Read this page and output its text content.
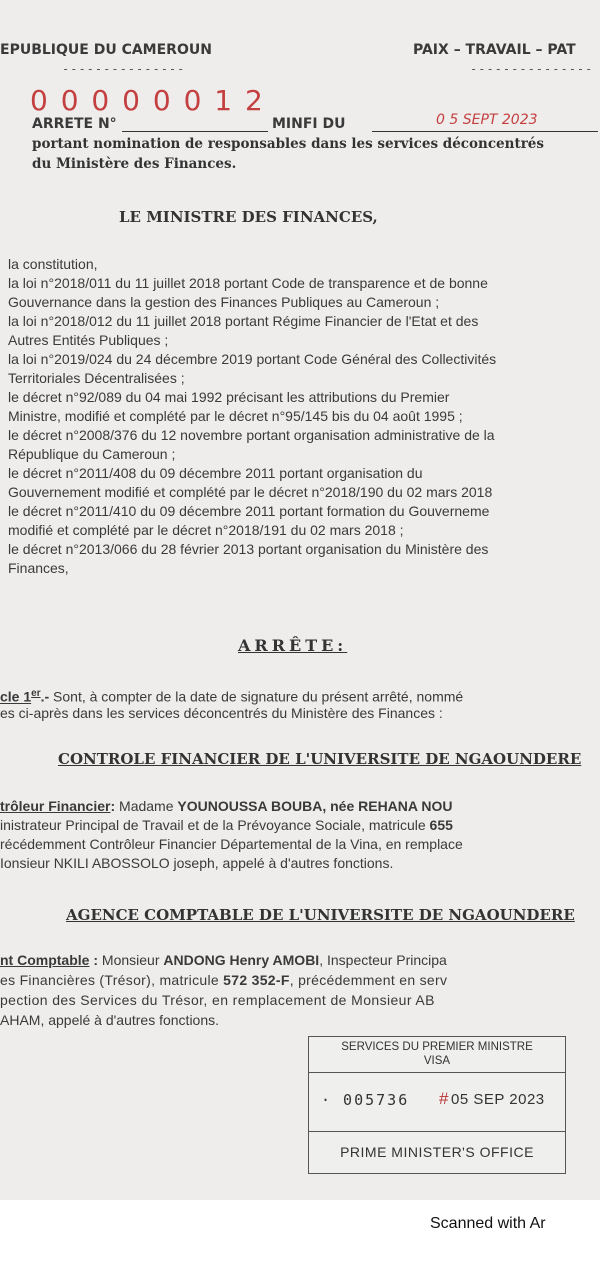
EPUBLIQUE DU CAMEROUN
---------------
PAIX – TRAVAIL – PAT
---------------
0 0 0 0 0 0 1 2
ARRETE N°	MINFI DU	0 5 SEPT 2023
portant nomination de responsables dans les services déconcentrés
du Ministère des Finances.
LE MINISTRE DES FINANCES,
la constitution,
la loi n°2018/011 du 11 juillet 2018 portant Code de transparence et de bonne
Gouvernance dans la gestion des Finances Publiques au Cameroun ;
la loi n°2018/012 du 11 juillet 2018 portant Régime Financier de l'Etat et des
Autres Entités Publiques ;
la loi n°2019/024 du 24 décembre 2019 portant Code Général des Collectivités
Territoriales Décentralisées ;
le décret n°92/089 du 04 mai 1992 précisant les attributions du Premier
Ministre, modifié et complété par le décret n°95/145 bis du 04 août 1995 ;
le décret n°2008/376 du 12 novembre portant organisation administrative de la
République du Cameroun ;
le décret n°2011/408 du 09 décembre 2011 portant organisation du
Gouvernement modifié et complété par le décret n°2018/190 du 02 mars 2018
le décret n°2011/410 du 09 décembre 2011 portant formation du Gouverneme
modifié et complété par le décret n°2018/191 du 02 mars 2018 ;
le décret n°2013/066 du 28 février 2013 portant organisation du Ministère des
Finances,
ARRÊTE:
cle 1er.- Sont, à compter de la date de signature du présent arrêté, nommé
es ci-après dans les services déconcentrés du Ministère des Finances :
CONTROLE FINANCIER DE L'UNIVERSITE DE NGAOUNDERE
trôleur Financier: Madame YOUNOUSSA BOUBA, née REHANA NOU
inistrateur Principal de Travail et de la Prévoyance Sociale, matricule 655
récédemment Contrôleur Financier Départemental de la Vina, en remplace
Ionsieur NKILI ABOSSOLO joseph, appelé à d'autres fonctions.
AGENCE COMPTABLE DE L'UNIVERSITE DE NGAOUNDERE
nt Comptable : Monsieur ANDONG Henry AMOBI, Inspecteur Principa
es Financières (Trésor), matricule 572 352-F, précédemment en serv
pection des Services du Trésor, en remplacement de Monsieur AB
AHAM, appelé à d'autres fonctions.
SERVICES DU PREMIER MINISTRE
VISA
· 005736 # 05 SEP 2023
PRIME MINISTER'S OFFICE
Scanned with Ar
